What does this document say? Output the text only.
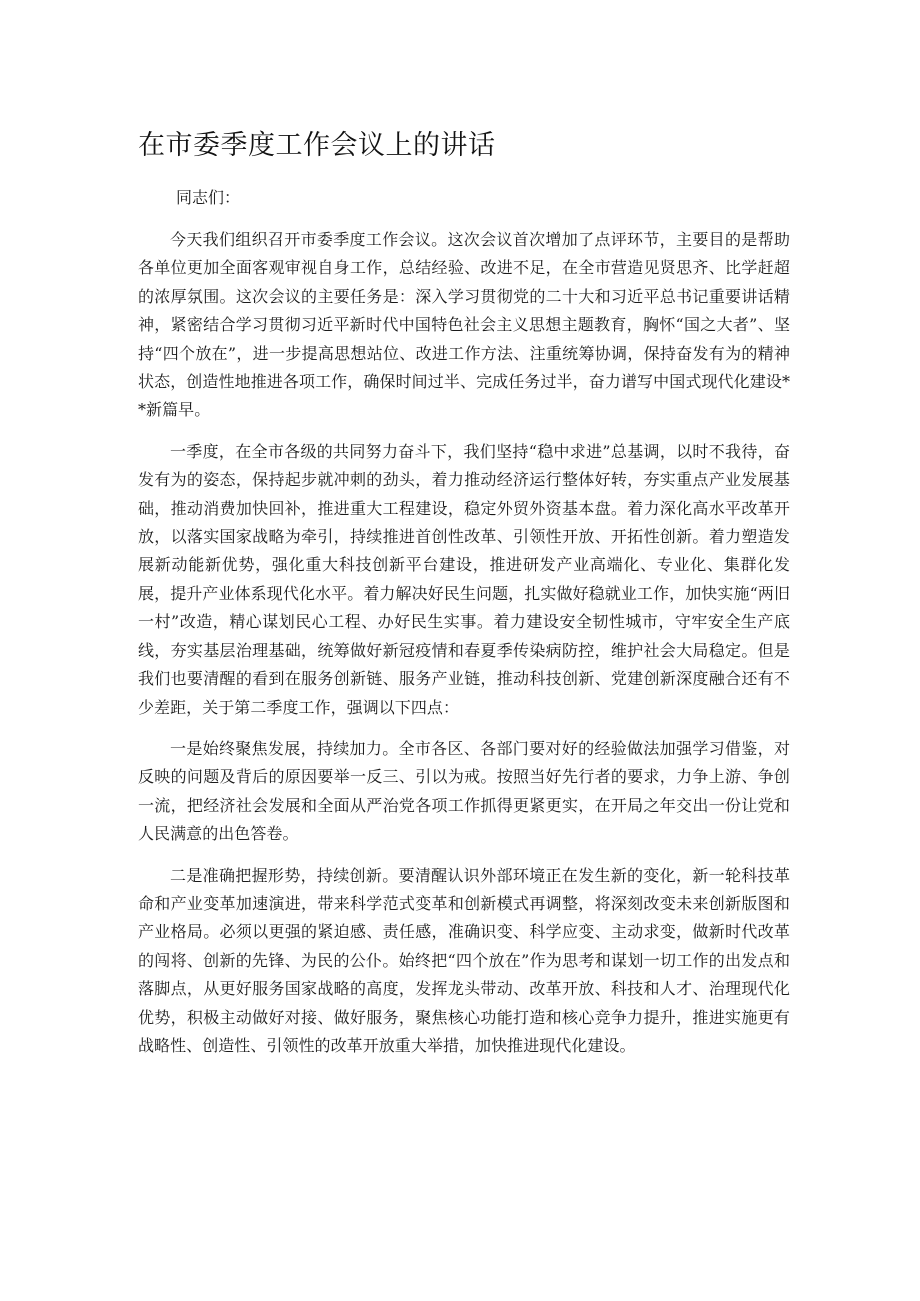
在市委季度工作会议上的讲话

同志们：

今天我们组织召开市委季度工作会议。这次会议首次增加了点评环节，主要目的是帮助各单位更加全面客观审视自身工作，总结经验、改进不足，在全市营造见贤思齐、比学赶超的浓厚氛围。这次会议的主要任务是：深入学习贯彻党的二十大和习近平总书记重要讲话精神，紧密结合学习贯彻习近平新时代中国特色社会主义思想主题教育，胸怀“国之大者”、坚持“四个放在”，进一步提高思想站位、改进工作方法、注重统筹协调，保持奋发有为的精神状态，创造性地推进各项工作，确保时间过半、完成任务过半，奋力谱写中国式现代化建设**新篇早。

一季度，在全市各级的共同努力奋斗下，我们坚持“稳中求进”总基调，以时不我待，奋发有为的姿态，保持起步就冲刺的劲头，着力推动经济运行整体好转，夯实重点产业发展基础，推动消费加快回补，推进重大工程建设，稳定外贸外资基本盘。着力深化高水平改革开放，以落实国家战略为牵引，持续推进首创性改革、引领性开放、开拓性创新。着力塑造发展新动能新优势，强化重大科技创新平台建设，推进研发产业高端化、专业化、集群化发展，提升产业体系现代化水平。着力解决好民生问题，扎实做好稳就业工作，加快实施“两旧一村”改造，精心谋划民心工程、办好民生实事。着力建设安全韧性城市，守牢安全生产底线，夯实基层治理基础，统筹做好新冠疫情和春夏季传染病防控，维护社会大局稳定。但是我们也要清醒的看到在服务创新链、服务产业链，推动科技创新、党建创新深度融合还有不少差距，关于第二季度工作，强调以下四点：

一是始终聚焦发展，持续加力。全市各区、各部门要对好的经验做法加强学习借鉴，对反映的问题及背后的原因要举一反三、引以为戒。按照当好先行者的要求，力争上游、争创一流，把经济社会发展和全面从严治党各项工作抓得更紧更实，在开局之年交出一份让党和人民满意的出色答卷。

二是准确把握形势，持续创新。要清醒认识外部环境正在发生新的变化，新一轮科技革命和产业变革加速演进，带来科学范式变革和创新模式再调整，将深刻改变未来创新版图和产业格局。必须以更强的紧迫感、责任感，准确识变、科学应变、主动求变，做新时代改革的闯将、创新的先锋、为民的公仆。始终把“四个放在”作为思考和谋划一切工作的出发点和落脚点，从更好服务国家战略的高度，发挥龙头带动、改革开放、科技和人才、治理现代化优势，积极主动做好对接、做好服务，聚焦核心功能打造和核心竞争力提升，推进实施更有战略性、创造性、引领性的改革开放重大举措，加快推进现代化建设。
